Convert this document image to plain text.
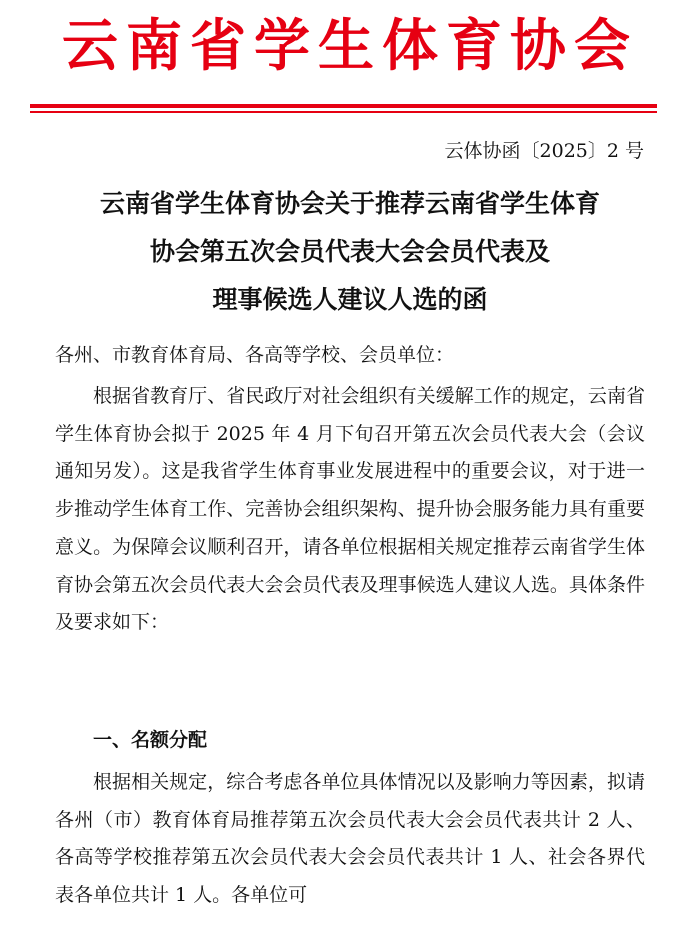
云南省学生体育协会
云体协函〔2025〕2 号
云南省学生体育协会关于推荐云南省学生体育
协会第五次会员代表大会会员代表及
理事候选人建议人选的函
各州、市教育体育局、各高等学校、会员单位：

根据省教育厅、省民政厅对社会组织有关缓解工作的规定，云南省学生体育协会拟于 2025 年 4 月下旬召开第五次会员代表大会（会议通知另发）。这是我省学生体育事业发展进程中的重要会议，对于进一步推动学生体育工作、完善协会组织架构、提升协会服务能力具有重要意义。为保障会议顺利召开，请各单位根据相关规定推荐云南省学生体育协会第五次会员代表大会会员代表及理事候选人建议人选。具体条件及要求如下：

一、名额分配

根据相关规定，综合考虑各单位具体情况以及影响力等因素，拟请各州（市）教育体育局推荐第五次会员代表大会会员代表共计 2 人、各高等学校推荐第五次会员代表大会会员代表共计 1 人、社会各界代表各单位共计 1 人。各单位可
